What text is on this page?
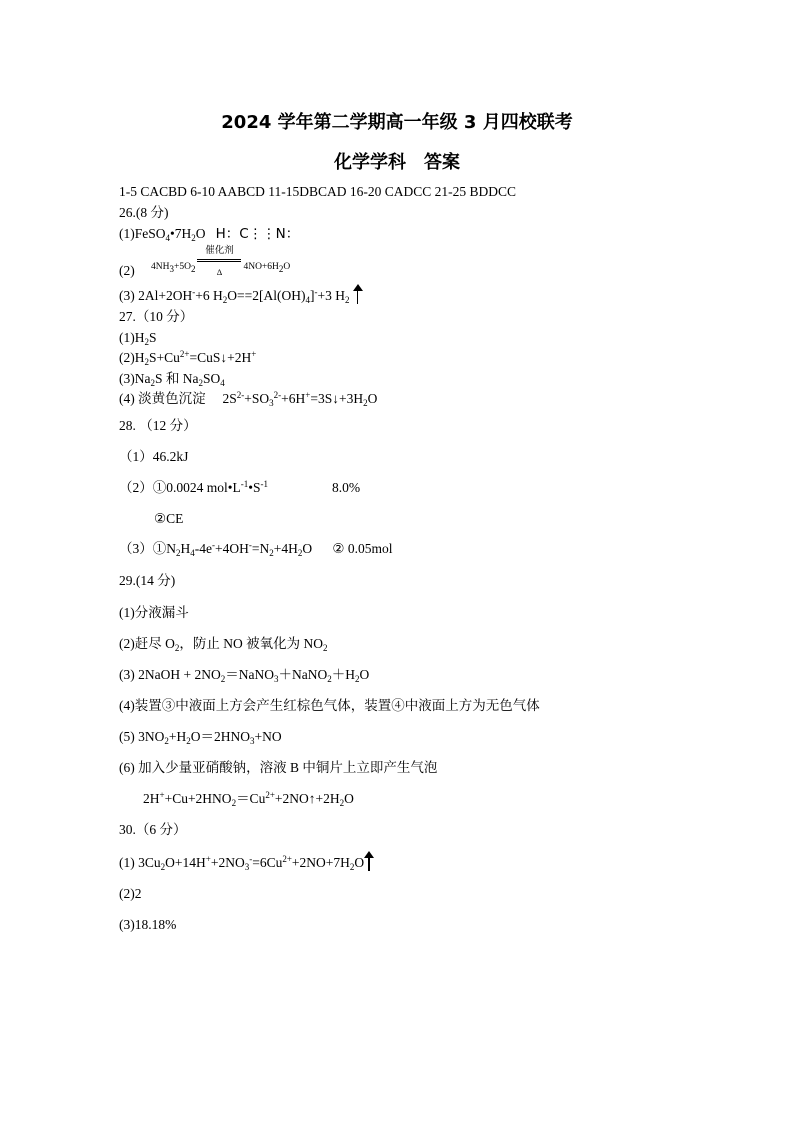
2024 学年第二学期高一年级 3 月四校联考
化学学科　答案
1-5 CACBD 6-10 AABCD 11-15DBCAD 16-20 CADCC 21-25 BDDCC
26.(8 分)
$(1)FeSO_4•7H_2O$ H：C⋮⋮N：
(2) $4NH_3+5O_2$
催化剂
Δ	$4NO+6H_2O$
(3) 2Al+2OH-+6 $H_2O==2[Al(OH)_4]^-+3$ $H_2$
27.（10 分）
$(1)H_2S$
$(2)H_2S+Cu^{2+}=CuS↓+2H^+$
$(3)Na_2S$ 和 $Na_2SO_4$
(4) 淡黄色沉淀　 $2S^{2-}+SO_3^{2-}+6H^+=3S↓+3H_2O$
28. （12 分）
（1）46.2kJ
（2）①0.0024 $mol•L^{-1}•S^{-1}$	8.0%
②CE
$(3)①N_2H_4-4e^-+4OH^-=N_2+4H_2O$ ② 0.05mol
29.(14 分)
(1)分液漏斗
(2)赶尽 $O_2$，防止 NO 被氧化为 $NO_2$
(3) 2NaOH + $2NO_2=NaNO_3+NaNO_2+H_2O$
(4)装置③中液面上方会产生红棕色气体，装置④中液面上方为无色气体
(5) $3NO_2+H_2O=2HNO_3+NO$
(6) 加入少量亚硝酸钠，溶液 B 中铜片上立即产生气泡
$2H^++Cu+2HNO_2=Cu^{2+}+2NO↑+2H_2O$
30.（6 分）
(1) $3Cu_2O+14H^++2NO_3^-=6Cu^{2+}+2NO+7H_2O$
(2)2
(3)18.18%
